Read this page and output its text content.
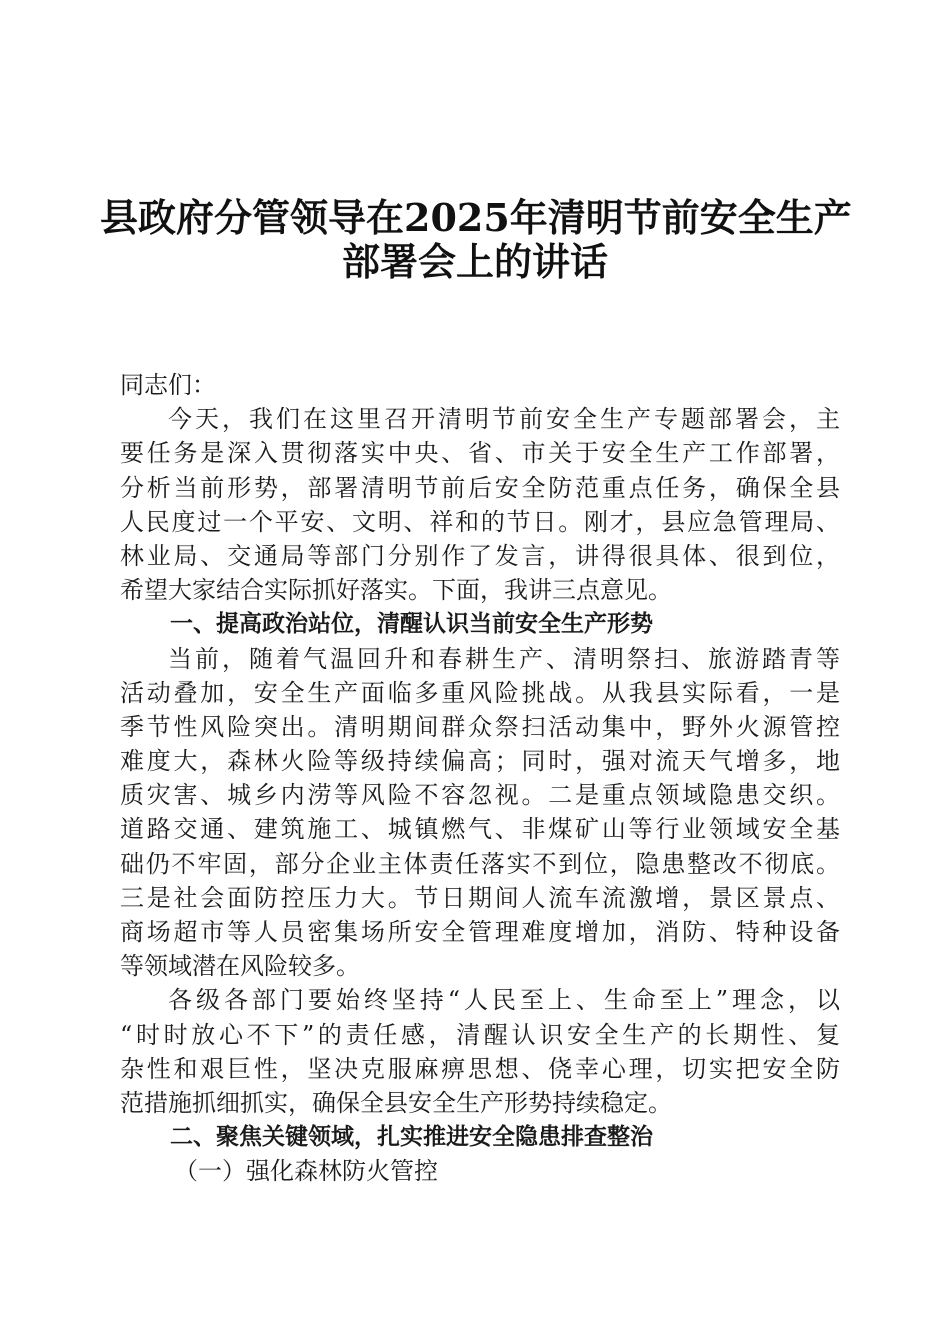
县政府分管领导在2025年清明节前安全生产
部署会上的讲话
同志们：
今天，我们在这里召开清明节前安全生产专题部署会，主
要任务是深入贯彻落实中央、省、市关于安全生产工作部署，
分析当前形势，部署清明节前后安全防范重点任务，确保全县
人民度过一个平安、文明、祥和的节日。刚才，县应急管理局、
林业局、交通局等部门分别作了发言，讲得很具体、很到位，
希望大家结合实际抓好落实。下面，我讲三点意见。
一、提高政治站位，清醒认识当前安全生产形势
当前，随着气温回升和春耕生产、清明祭扫、旅游踏青等
活动叠加，安全生产面临多重风险挑战。从我县实际看，一是
季节性风险突出。清明期间群众祭扫活动集中，野外火源管控
难度大，森林火险等级持续偏高；同时，强对流天气增多，地
质灾害、城乡内涝等风险不容忽视。二是重点领域隐患交织。
道路交通、建筑施工、城镇燃气、非煤矿山等行业领域安全基
础仍不牢固，部分企业主体责任落实不到位，隐患整改不彻底。
三是社会面防控压力大。节日期间人流车流激增，景区景点、
商场超市等人员密集场所安全管理难度增加，消防、特种设备
等领域潜在风险较多。
各级各部门要始终坚持“人民至上、生命至上”理念，以
“时时放心不下”的责任感，清醒认识安全生产的长期性、复
杂性和艰巨性，坚决克服麻痹思想、侥幸心理，切实把安全防
范措施抓细抓实，确保全县安全生产形势持续稳定。
二、聚焦关键领域，扎实推进安全隐患排查整治
（一）强化森林防火管控
